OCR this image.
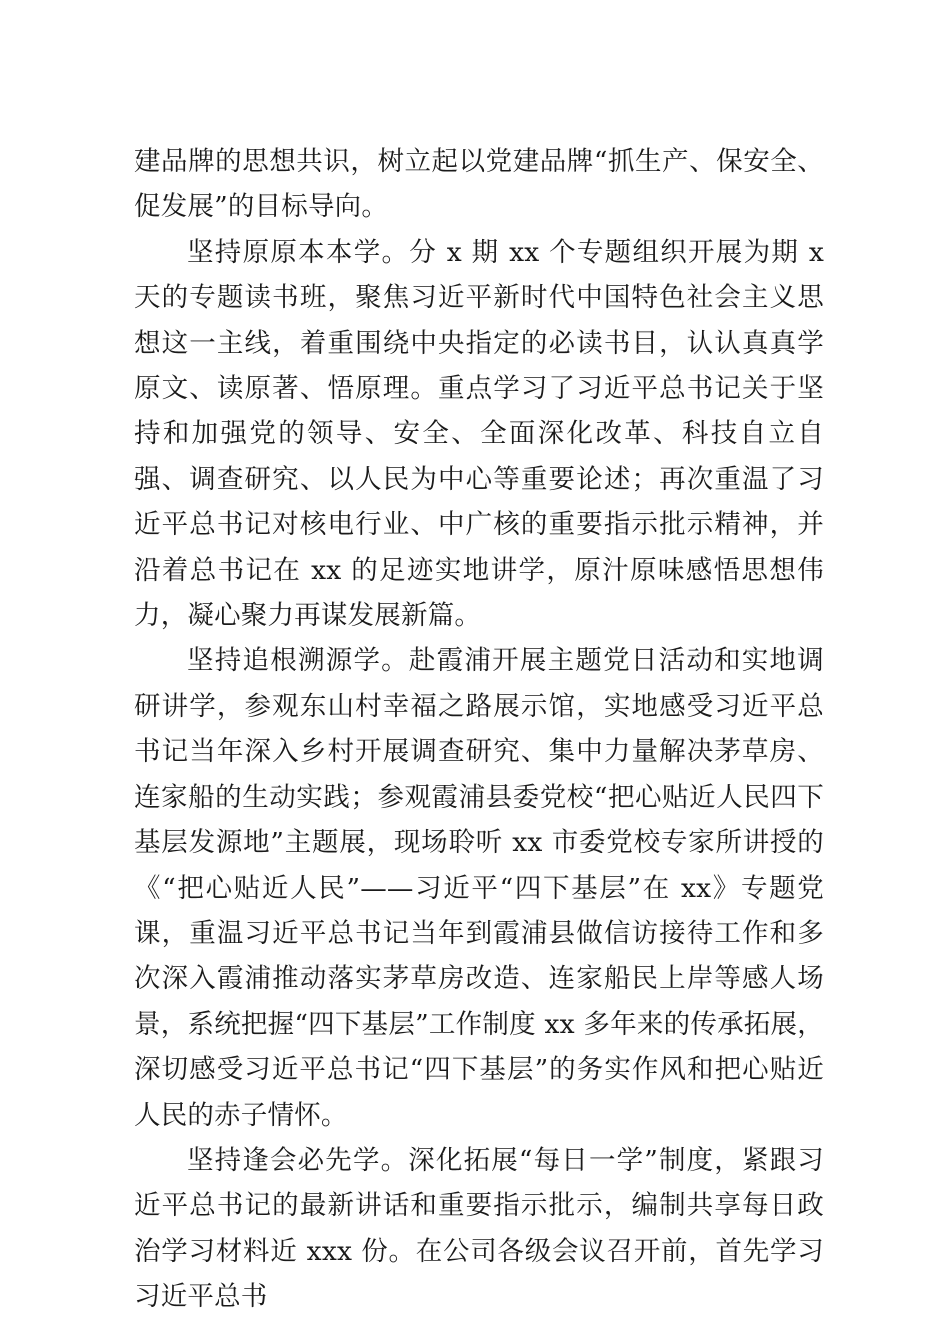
建品牌的思想共识，树立起以党建品牌“抓生产、保安全、促发展”的目标导向。

坚持原原本本学。分 x 期 xx 个专题组织开展为期 x 天的专题读书班，聚焦习近平新时代中国特色社会主义思想这一主线，着重围绕中央指定的必读书目，认认真真学原文、读原著、悟原理。重点学习了习近平总书记关于坚持和加强党的领导、安全、全面深化改革、科技自立自强、调查研究、以人民为中心等重要论述；再次重温了习近平总书记对核电行业、中广核的重要指示批示精神，并沿着总书记在 xx 的足迹实地讲学，原汁原味感悟思想伟力，凝心聚力再谋发展新篇。

坚持追根溯源学。赴霞浦开展主题党日活动和实地调研讲学，参观东山村幸福之路展示馆，实地感受习近平总书记当年深入乡村开展调查研究、集中力量解决茅草房、连家船的生动实践；参观霞浦县委党校“把心贴近人民四下基层发源地”主题展，现场聆听 xx 市委党校专家所讲授的《“把心贴近人民”——习近平“四下基层”在 xx》专题党课，重温习近平总书记当年到霞浦县做信访接待工作和多次深入霞浦推动落实茅草房改造、连家船民上岸等感人场景，系统把握“四下基层”工作制度 xx 多年来的传承拓展，深切感受习近平总书记“四下基层”的务实作风和把心贴近人民的赤子情怀。

坚持逢会必先学。深化拓展“每日一学”制度，紧跟习近平总书记的最新讲话和重要指示批示，编制共享每日政治学习材料近 xxx 份。在公司各级会议召开前，首先学习习近平总书
